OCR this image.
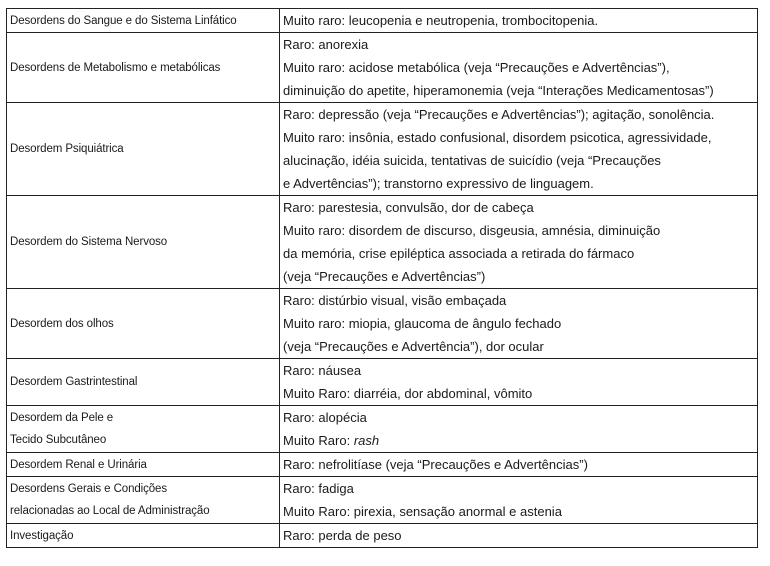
Desordens do Sangue e do Sistema Linfático	Muito raro: leucopenia e neutropenia, trombocitopenia.

Desordens de Metabolismo e metabólicas	Raro: anorexia
Muito raro: acidose metabólica (veja “Precauções e Advertências”),
diminuição do apetite, hiperamonemia (veja “Interações Medicamentosas”)

Desordem Psiquiátrica	Raro: depressão (veja “Precauções e Advertências”); agitação, sonolência.
Muito raro: insônia, estado confusional, disordem psicotica, agressividade,
alucinação, idéia suicida, tentativas de suicídio (veja “Precauções
e Advertências”); transtorno expressivo de linguagem.

Desordem do Sistema Nervoso	Raro: parestesia, convulsão, dor de cabeça
Muito raro: disordem de discurso, disgeusia, amnésia, diminuição
da memória, crise epiléptica associada a retirada do fármaco
(veja “Precauções e Advertências”)

Desordem dos olhos	Raro: distúrbio visual, visão embaçada
Muito raro: miopia, glaucoma de ângulo fechado
(veja “Precauções e Advertência”), dor ocular

Desordem Gastrintestinal	Raro: náusea
Muito Raro: diarréia, dor abdominal, vômito

Desordem da Pele e
Tecido Subcutâneo	Raro: alopécia
Muito Raro: rash

Desordem Renal e Urinária	Raro: nefrolitíase (veja “Precauções e Advertências”)

Desordens Gerais e Condições
relacionadas ao Local de Administração	Raro: fadiga
Muito Raro: pirexia, sensação anormal e astenia

Investigação	Raro: perda de peso
